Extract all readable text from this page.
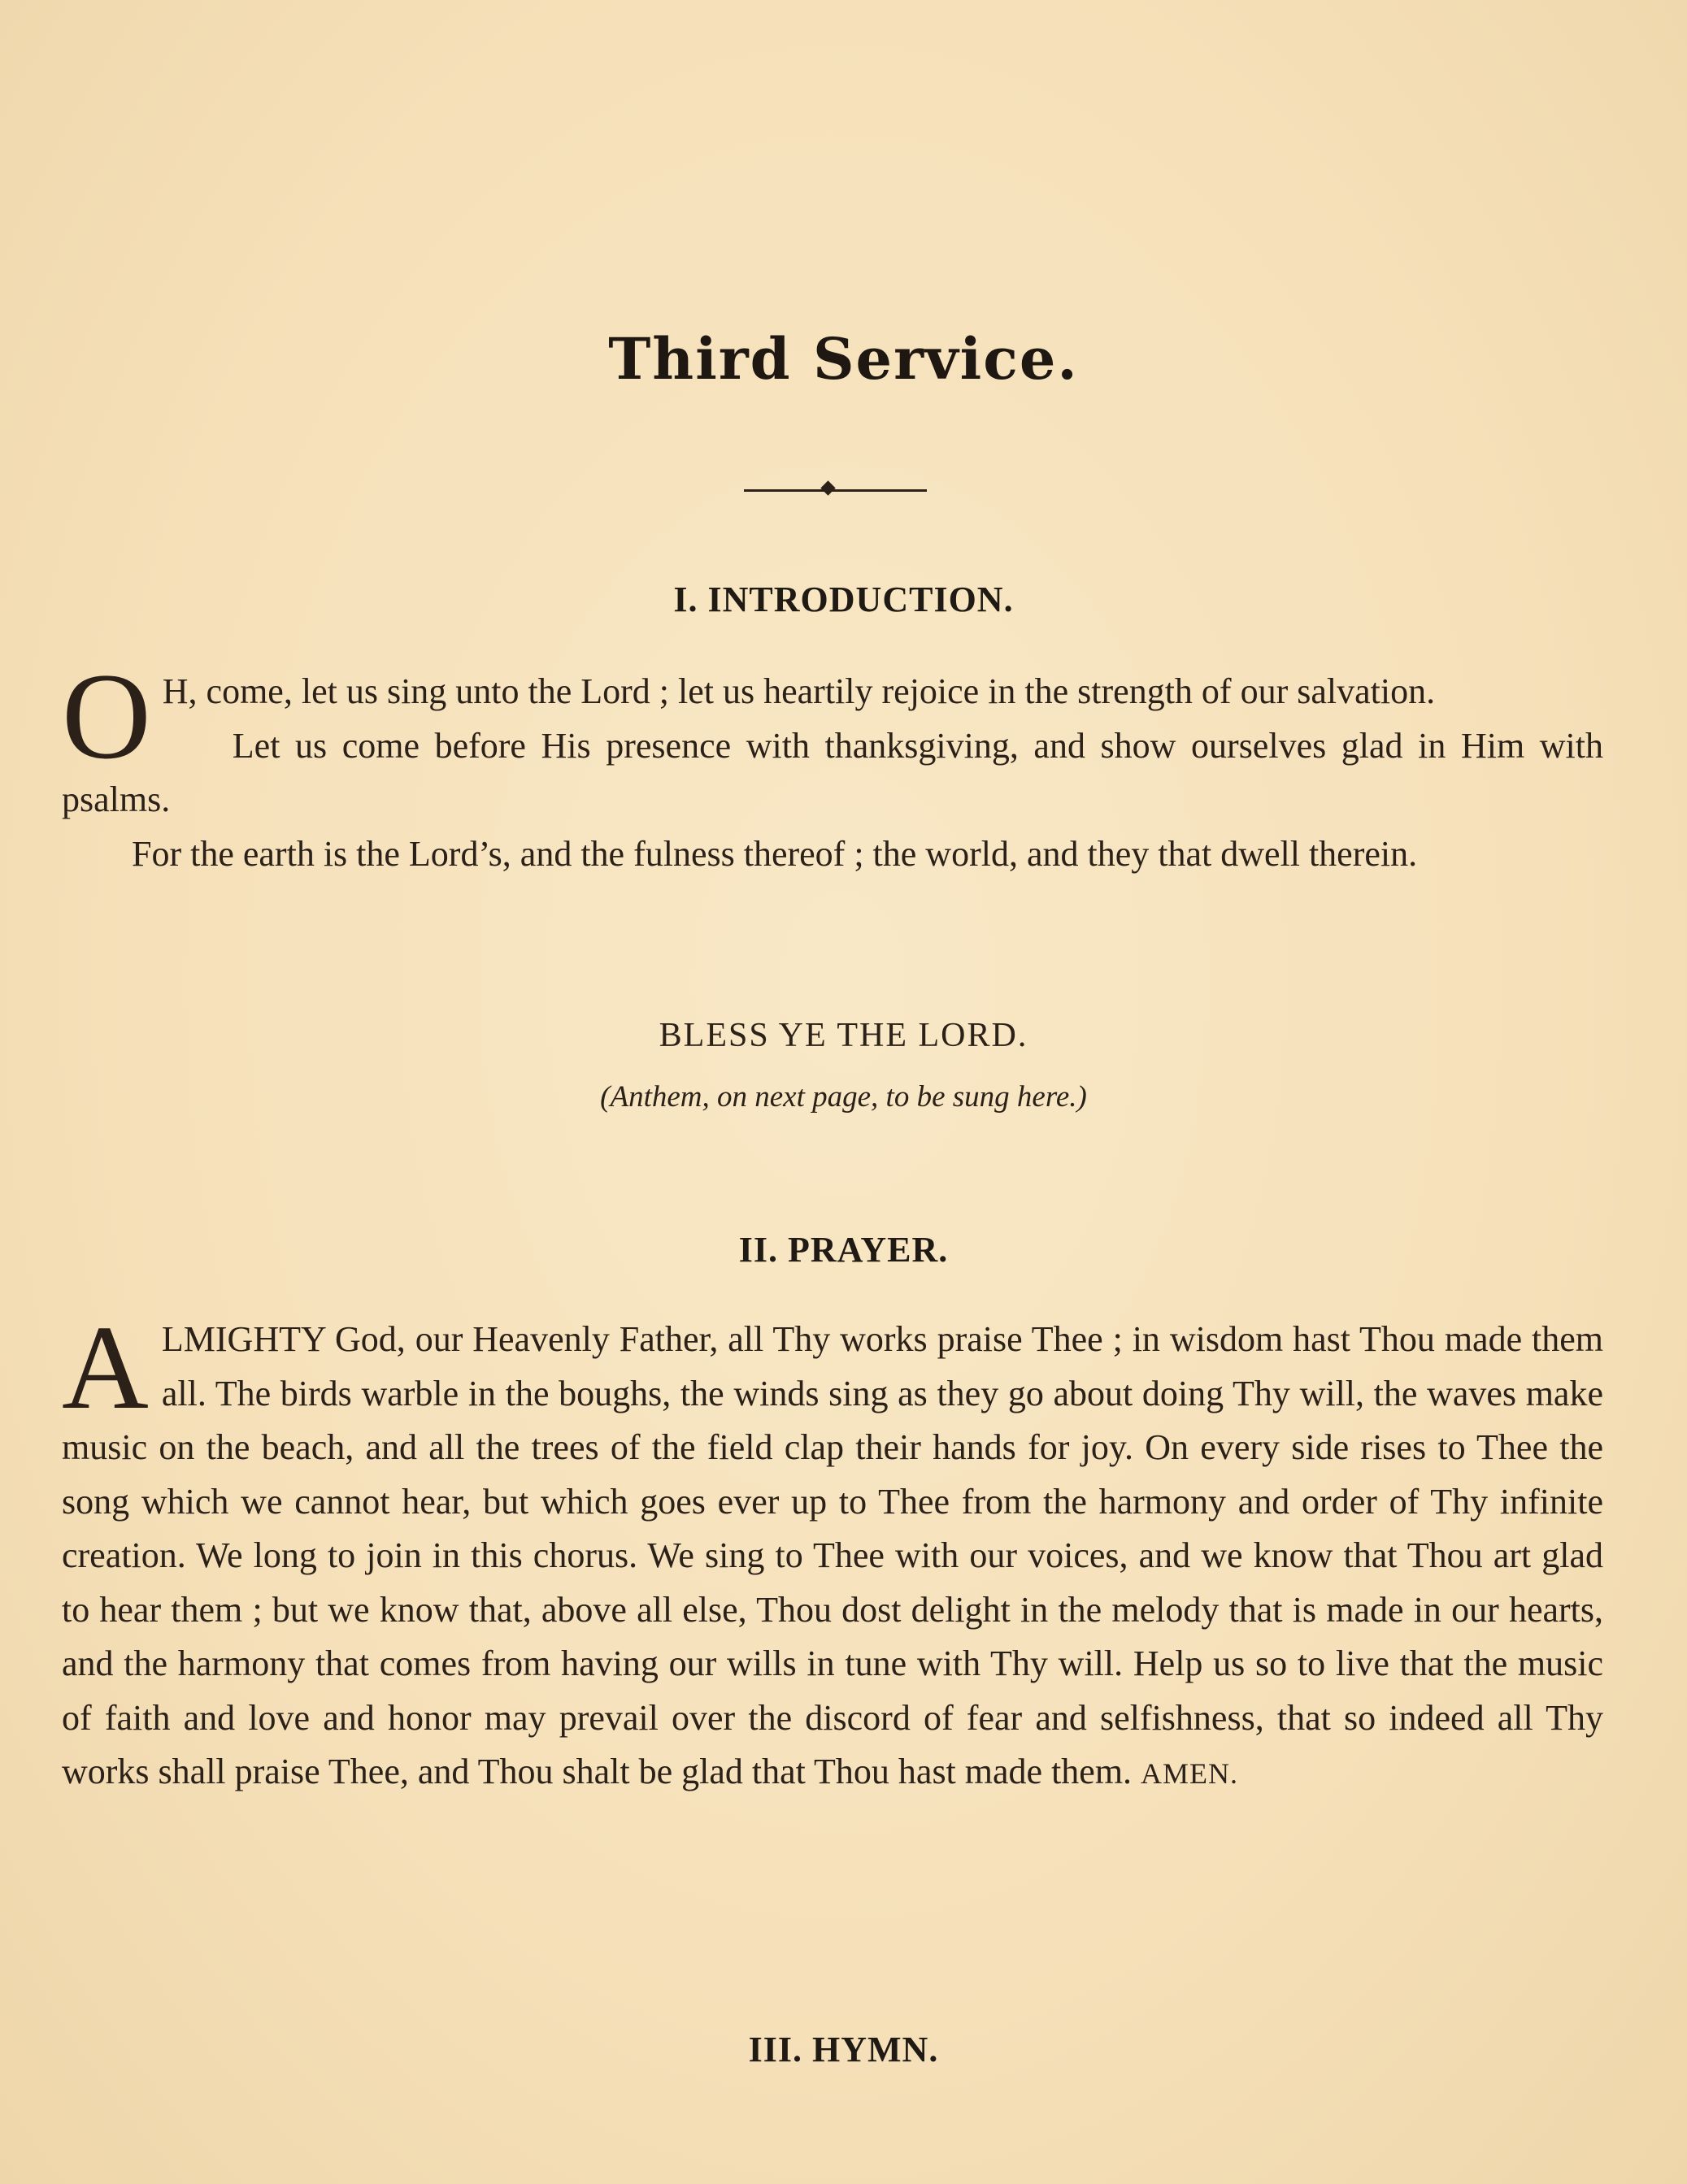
Third Service.
I. INTRODUCTION.

O H, come, let us sing unto the Lord ; let us heartily rejoice in the strength of our salvation.

Let us come before His presence with thanksgiving, and show ourselves glad in Him with psalms.

For the earth is the Lord’s, and the fulness thereof ; the world, and they that dwell therein.

BLESS YE THE LORD.
(Anthem, on next page, to be sung here.)
II. PRAYER.

ALMIGHTY God, our Heavenly Father, all Thy works praise Thee ; in wisdom hast Thou made them all. The birds warble in the boughs, the winds sing as they go about doing Thy will, the waves make music on the beach, and all the trees of the field clap their hands for joy. On every side rises to Thee the song which we cannot hear, but which goes ever up to Thee from the harmony and order of Thy infinite creation. We long to join in this chorus. We sing to Thee with our voices, and we know that Thou art glad to hear them ; but we know that, above all else, Thou dost delight in the melody that is made in our hearts, and the harmony that comes from having our wills in tune with Thy will. Help us so to live that the music of faith and love and honor may prevail over the discord of fear and selfishness, that so indeed all Thy works shall praise Thee, and Thou shalt be glad that Thou hast made them. AMEN.

III. HYMN.
